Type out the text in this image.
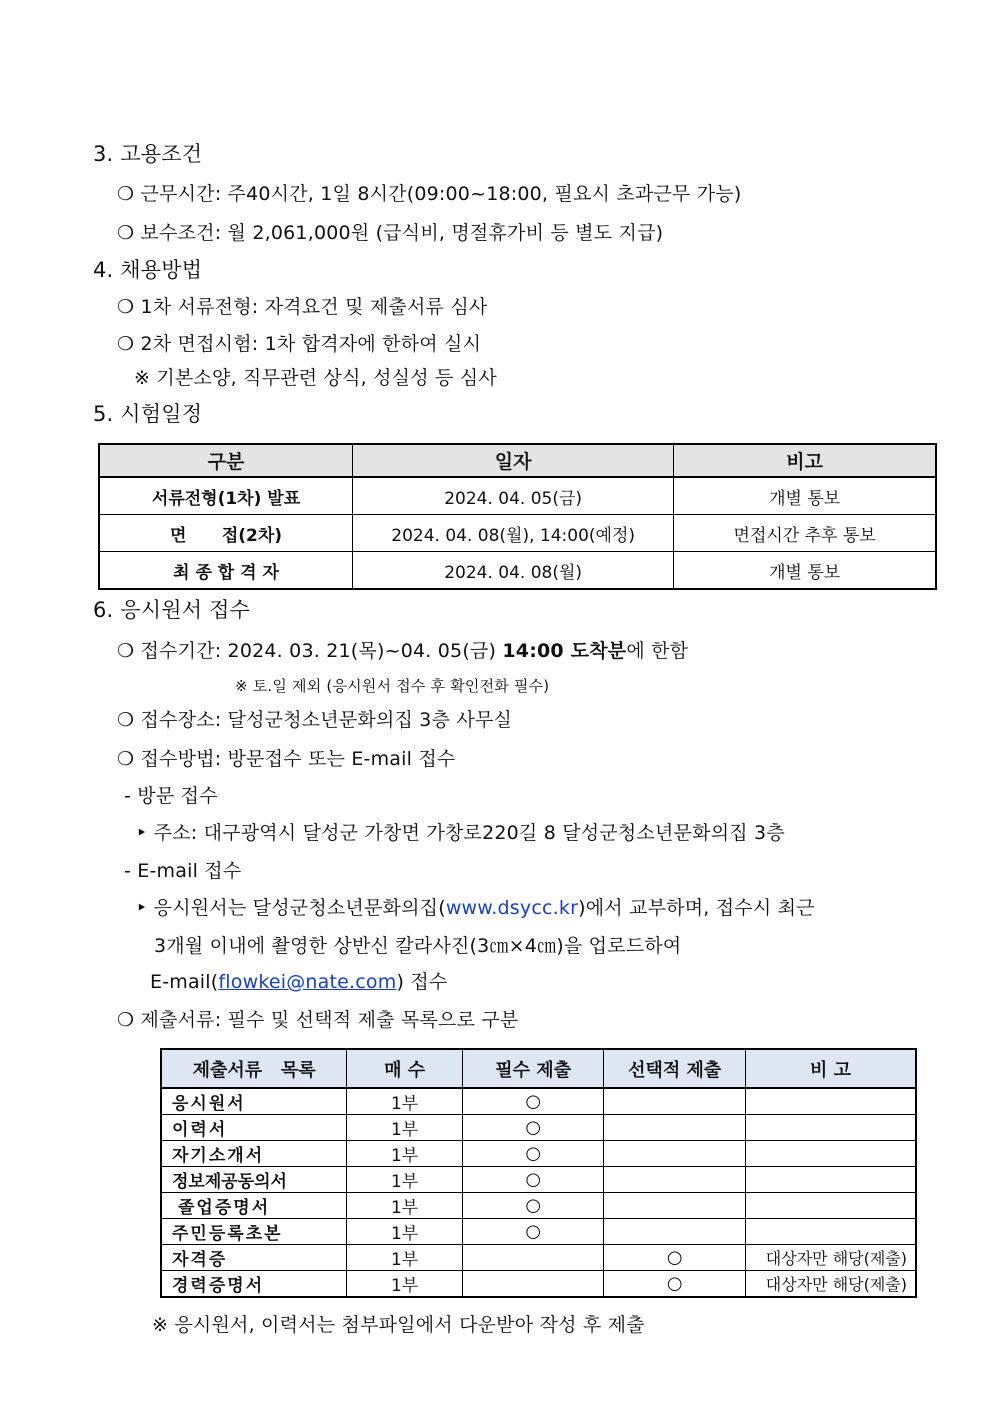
3. 고용조건
❍ 근무시간: 주40시간, 1일 8시간(09:00~18:00, 필요시 초과근무 가능)
❍ 보수조건: 월 2,061,000원 (급식비, 명절휴가비 등 별도 지급)
4. 채용방법
❍ 1차 서류전형: 자격요건 및 제출서류 심사
❍ 2차 면접시험: 1차 합격자에 한하여 실시
※ 기본소양, 직무관련 상식, 성실성 등 심사
5. 시험일정
구분	일자	비고
서류전형(1차) 발표	2024. 04. 05(금)	개별 통보
면      접(2차)	2024. 04. 08(월), 14:00(예정)	면접시간 추후 통보
최 종 합 격 자	2024. 04. 08(월)	개별 통보
6. 응시원서 접수
❍ 접수기간: 2024. 03. 21(목)~04. 05(금) 14:00 도착분에 한함
※ 토.일 제외 (응시원서 접수 후 확인전화 필수)
❍ 접수장소: 달성군청소년문화의집 3층 사무실
❍ 접수방법: 방문접수 또는 E-mail 접수
- 방문 접수
‣ 주소: 대구광역시 달성군 가창면 가창로220길 8 달성군청소년문화의집 3층
- E-mail 접수
‣ 응시원서는 달성군청소년문화의집(www.dsycc.kr)에서 교부하며, 접수시 최근
3개월 이내에 촬영한 상반신 칼라사진(3㎝×4㎝)을 업로드하여
E-mail(flowkei@nate.com) 접수
❍ 제출서류: 필수 및 선택적 제출 목록으로 구분
제출서류   목록	매 수	필수 제출	선택적 제출	비 고
응시원서	1부	○		
이력서	1부	○		
자기소개서	1부	○		
정보제공동의서	1부	○		
졸업증명서	1부	○		
주민등록초본	1부	○		
자격증	1부		○	대상자만 해당(제출)
경력증명서	1부		○	대상자만 해당(제출)
※ 응시원서, 이력서는 첨부파일에서 다운받아 작성 후 제출
